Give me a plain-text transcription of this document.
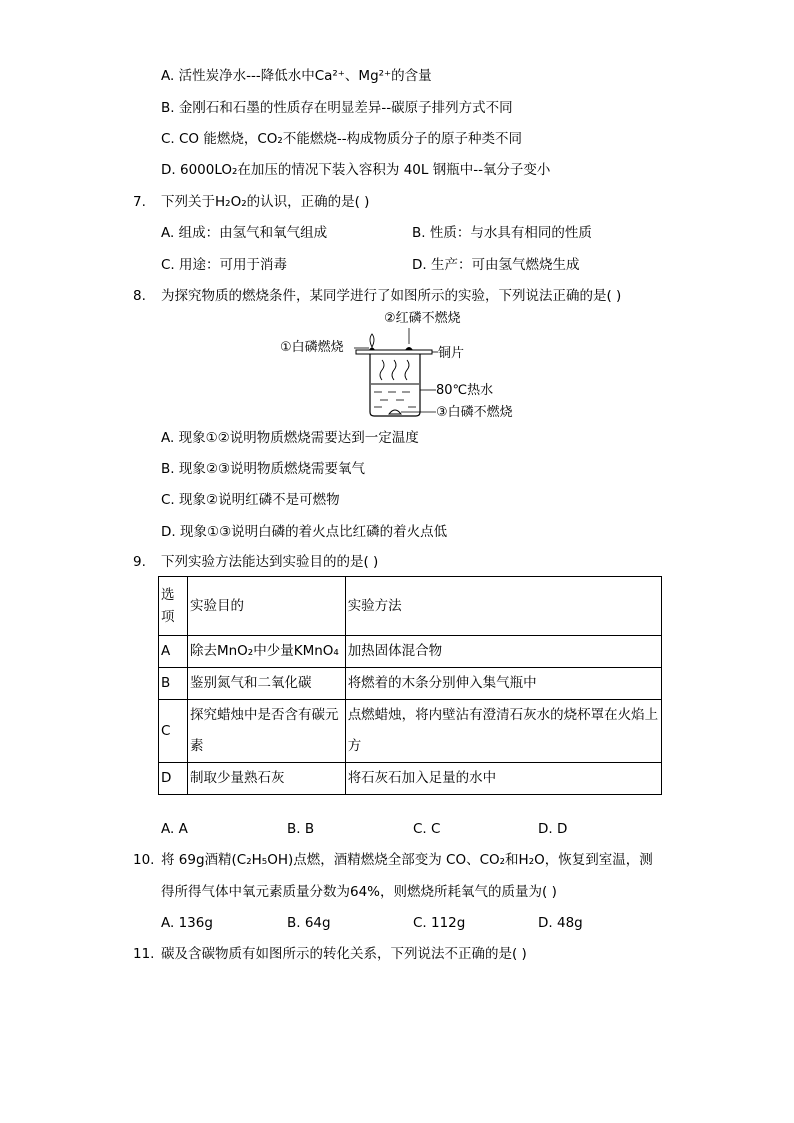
A. 活性炭净水---降低水中Ca²⁺、Mg²⁺的含量
B. 金刚石和石墨的性质存在明显差异--碳原子排列方式不同
C. CO 能燃烧，CO₂不能燃烧--构成物质分子的原子种类不同
D. 6000LO₂在加压的情况下装入容积为 40L 钢瓶中--氧分子变小
7. 下列关于H₂O₂的认识，正确的是( )
A. 组成：由氢气和氧气组成	B. 性质：与水具有相同的性质
C. 用途：可用于消毒	D. 生产：可由氢气燃烧生成
8. 为探究物质的燃烧条件，某同学进行了如图所示的实验，下列说法正确的是( )
②红磷不燃烧
①白磷燃烧	铜片
80℃热水
③白磷不燃烧
A. 现象①②说明物质燃烧需要达到一定温度
B. 现象②③说明物质燃烧需要氧气
C. 现象②说明红磷不是可燃物
D. 现象①③说明白磷的着火点比红磷的着火点低
9. 下列实验方法能达到实验目的的是( )
选项	实验目的	实验方法
A	除去MnO₂中少量KMnO₄	加热固体混合物
B	鉴别氮气和二氧化碳	将燃着的木条分别伸入集气瓶中
C	探究蜡烛中是否含有碳元素	点燃蜡烛，将内壁沾有澄清石灰水的烧杯罩在火焰上方
D	制取少量熟石灰	将石灰石加入足量的水中
A. A	B. B	C. C	D. D
10. 将 69g酒精(C₂H₅OH)点燃，酒精燃烧全部变为 CO、CO₂和H₂O，恢复到室温，测
得所得气体中氧元素质量分数为64%，则燃烧所耗氧气的质量为( )
A. 136g	B. 64g	C. 112g	D. 48g
11. 碳及含碳物质有如图所示的转化关系，下列说法不正确的是( )
